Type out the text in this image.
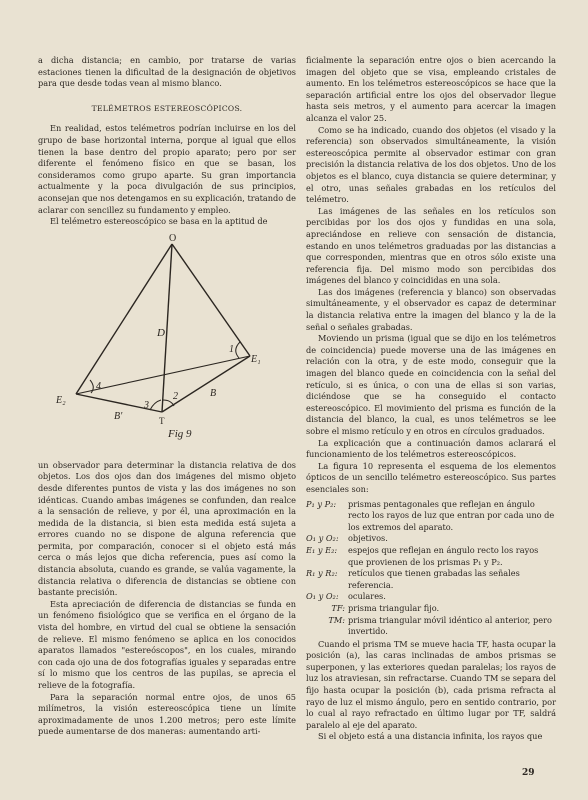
a dicha distancia; en cambio, por tratarse de varias estaciones tienen la dificultad de la designación de objetivos para que desde todas vean al mismo blanco.

TELÉMETROS ESTEREOSCÓPICOS.

En realidad, estos telémetros podrían incluirse en los del grupo de base horizontal interna, porque al igual que ellos tienen la base dentro del propio aparato; pero por ser diferente el fenómeno físico en que se basan, los consideramos como grupo aparte. Su gran importancia actualmente y la poca divulgación de sus principios, aconsejan que nos detengamos en su explicación, tratando de aclarar con sencillez su fundamento y empleo.

El telémetro estereoscópico se basa en la aptitud de

O
D
1
E₁
E₂
4
3
2	B
B'	T
Fig 9

un observador para determinar la distancia relativa de dos objetos. Los dos ojos dan dos imágenes del mismo objeto desde diferentes puntos de vista y las dos imágenes no son idénticas. Cuando ambas imágenes se confunden, dan realce a la sensación de relieve, y por él, una aproximación en la medida de la distancia, si bien esta medida está sujeta a errores cuando no se dispone de alguna referencia que permita, por comparación, conocer si el objeto está más cerca o más lejos que dicha referencia, pues así como la distancia absoluta, cuando es grande, se valúa vagamente, la distancia relativa o diferencia de distancias se obtiene con bastante precisión.

Esta apreciación de diferencia de distancias se funda en un fenómeno fisiológico que se verifica en el órgano de la vista del hombre, en virtud del cual se obtiene la sensación de relieve. El mismo fenómeno se aplica en los conocidos aparatos llamados "estereóscopos", en los cuales, mirando con cada ojo una de dos fotografías iguales y separadas entre sí lo mismo que los centros de las pupilas, se aprecia el relieve de la fotografía.

Para la separación normal entre ojos, de unos 65 milímetros, la visión estereoscópica tiene un límite aproximadamente de unos 1.200 metros; pero este límite puede aumentarse de dos maneras: aumentando arti-

ficialmente la separación entre ojos o bien acercando la imagen del objeto que se visa, empleando cristales de aumento. En los telémetros estereoscópicos se hace que la separación artificial entre los ojos del observador llegue hasta seis metros, y el aumento para acercar la imagen alcanza el valor 25.

Como se ha indicado, cuando dos objetos (el visado y la referencia) son observados simultáneamente, la visión estereoscópica permite al observador estimar con gran precisión la distancia relativa de los dos objetos. Uno de los objetos es el blanco, cuya distancia se quiere determinar, y el otro, unas señales grabadas en los retículos del telémetro.

Las imágenes de las señales en los retículos son percibidas por los dos ojos y fundidas en una sola, apreciándose en relieve con sensación de distancia, estando en unos telémetros graduadas por las distancias a que corresponden, mientras que en otros sólo existe una referencia fija. Del mismo modo son percibidas dos imágenes del blanco y coincididas en una sola.

Las dos imágenes (referencia y blanco) son observadas simultáneamente, y el observador es capaz de determinar la distancia relativa entre la imagen del blanco y la de la señal o señales grabadas.

Moviendo un prisma (igual que se dijo en los telémetros de coincidencia) puede moverse una de las imágenes en relación con la otra, y de este modo, conseguir que la imagen del blanco quede en coincidencia con la señal del retículo, si es única, o con una de ellas si son varias, diciéndose que se ha conseguido el contacto estereoscópico. El movimiento del prisma es función de la distancia del blanco, la cual, es unos telémetros se lee sobre el mismo retículo y en otros en círculos graduados.

La explicación que a continuación damos aclarará el funcionamiento de los telémetros estereoscópicos.

La figura 10 representa el esquema de los elementos ópticos de un sencillo telémetro estereoscópico. Sus partes esenciales son:

P₁ y P₂:	prismas pentagonales que reflejan en ángulo recto los rayos de luz que entran por cada uno de los extremos del aparato.
O₁ y O₂:	objetivos.
E₁ y E₂:	espejos que reflejan en ángulo recto los rayos que provienen de los prismas P₁ y P₂.
R₁ y R₂:	retículos que tienen grabadas las señales referencia.
O₁ y O₂:	oculares.
TF: prisma triangular fijo.
TM: prisma triangular móvil idéntico al anterior, pero invertido.

Cuando el prisma TM se mueve hacia TF, hasta ocupar la posición (a), las caras inclinadas de ambos prismas se superponen, y las exteriores quedan paralelas; los rayos de luz los atraviesan, sin refractarse. Cuando TM se separa del fijo hasta ocupar la posición (b), cada prisma refracta al rayo de luz el mismo ángulo, pero en sentido contrario, por lo cual al rayo refractado en último lugar por TF, saldrá paralelo al eje del aparato.

Si el objeto está a una distancia infinita, los rayos que

29
